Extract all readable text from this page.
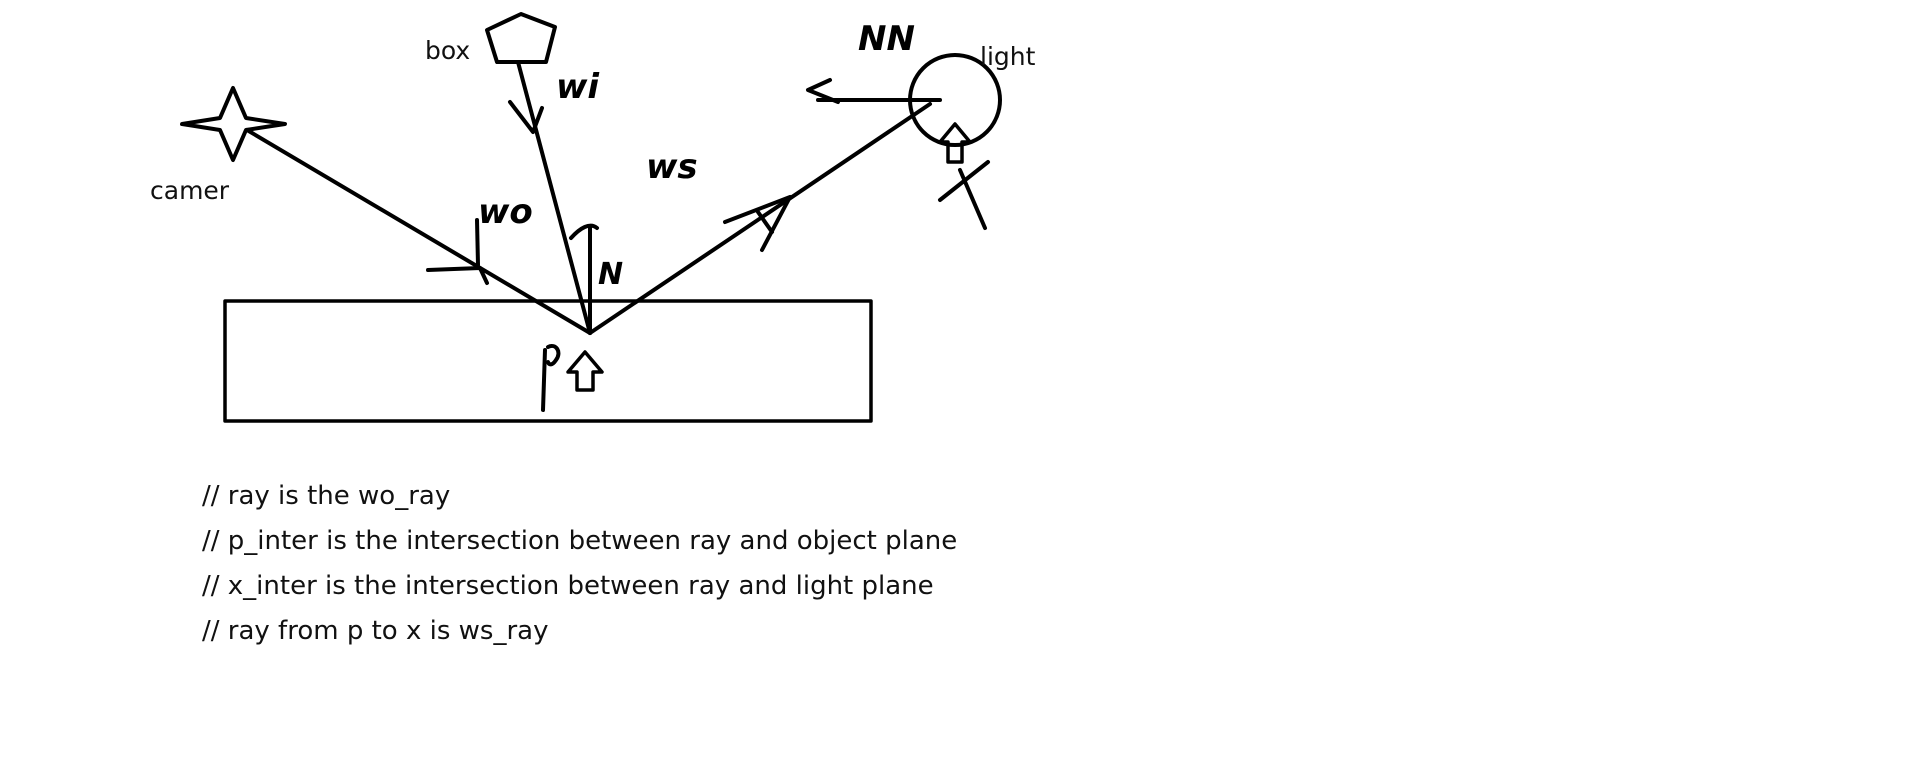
box
camer
light
wi
wo
ws
N
NN
P
X
// ray is the wo_ray
// p_inter is the intersection between ray and object plane
// x_inter is the intersection between ray and light plane
// ray from p to x is ws_ray
